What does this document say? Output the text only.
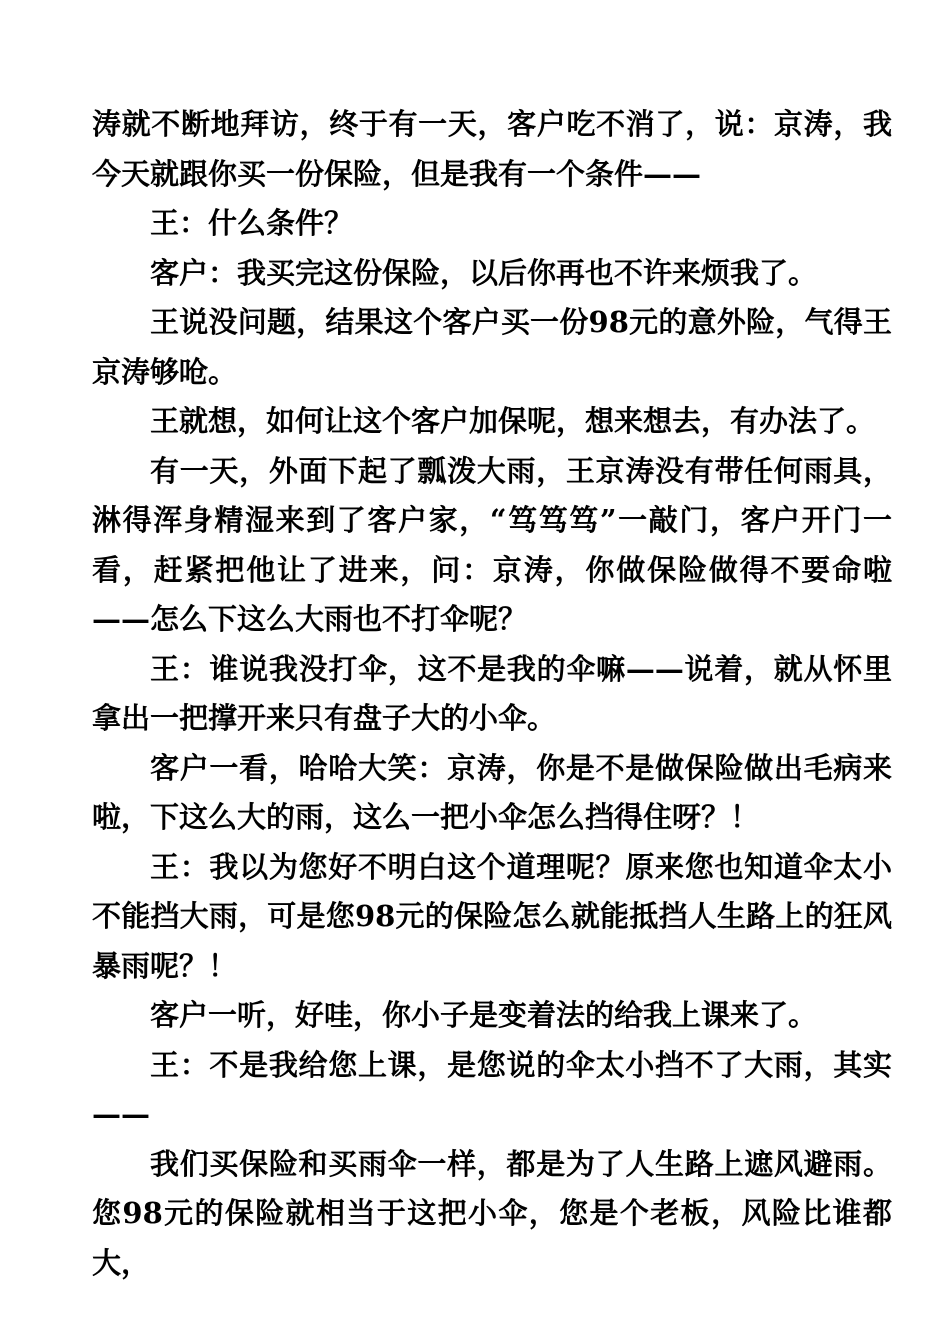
涛就不断地拜访，终于有一天，客户吃不消了，说：京涛，我今天就跟你买一份保险，但是我有一个条件——

王：什么条件？

客户：我买完这份保险，以后你再也不许来烦我了。

王说没问题，结果这个客户买一份98元的意外险，气得王京涛够呛。

王就想，如何让这个客户加保呢，想来想去，有办法了。

有一天，外面下起了瓢泼大雨，王京涛没有带任何雨具，淋得浑身精湿来到了客户家，“笃笃笃”一敲门，客户开门一看，赶紧把他让了进来，问：京涛，你做保险做得不要命啦——怎么下这么大雨也不打伞呢？

王：谁说我没打伞，这不是我的伞嘛——说着，就从怀里拿出一把撑开来只有盘子大的小伞。

客户一看，哈哈大笑：京涛，你是不是做保险做出毛病来啦，下这么大的雨，这么一把小伞怎么挡得住呀？！

王：我以为您好不明白这个道理呢？原来您也知道伞太小不能挡大雨，可是您98元的保险怎么就能抵挡人生路上的狂风暴雨呢？！

客户一听，好哇，你小子是变着法的给我上课来了。

王：不是我给您上课，是您说的伞太小挡不了大雨，其实——

我们买保险和买雨伞一样，都是为了人生路上遮风避雨。您98元的保险就相当于这把小伞，您是个老板，风险比谁都大，
